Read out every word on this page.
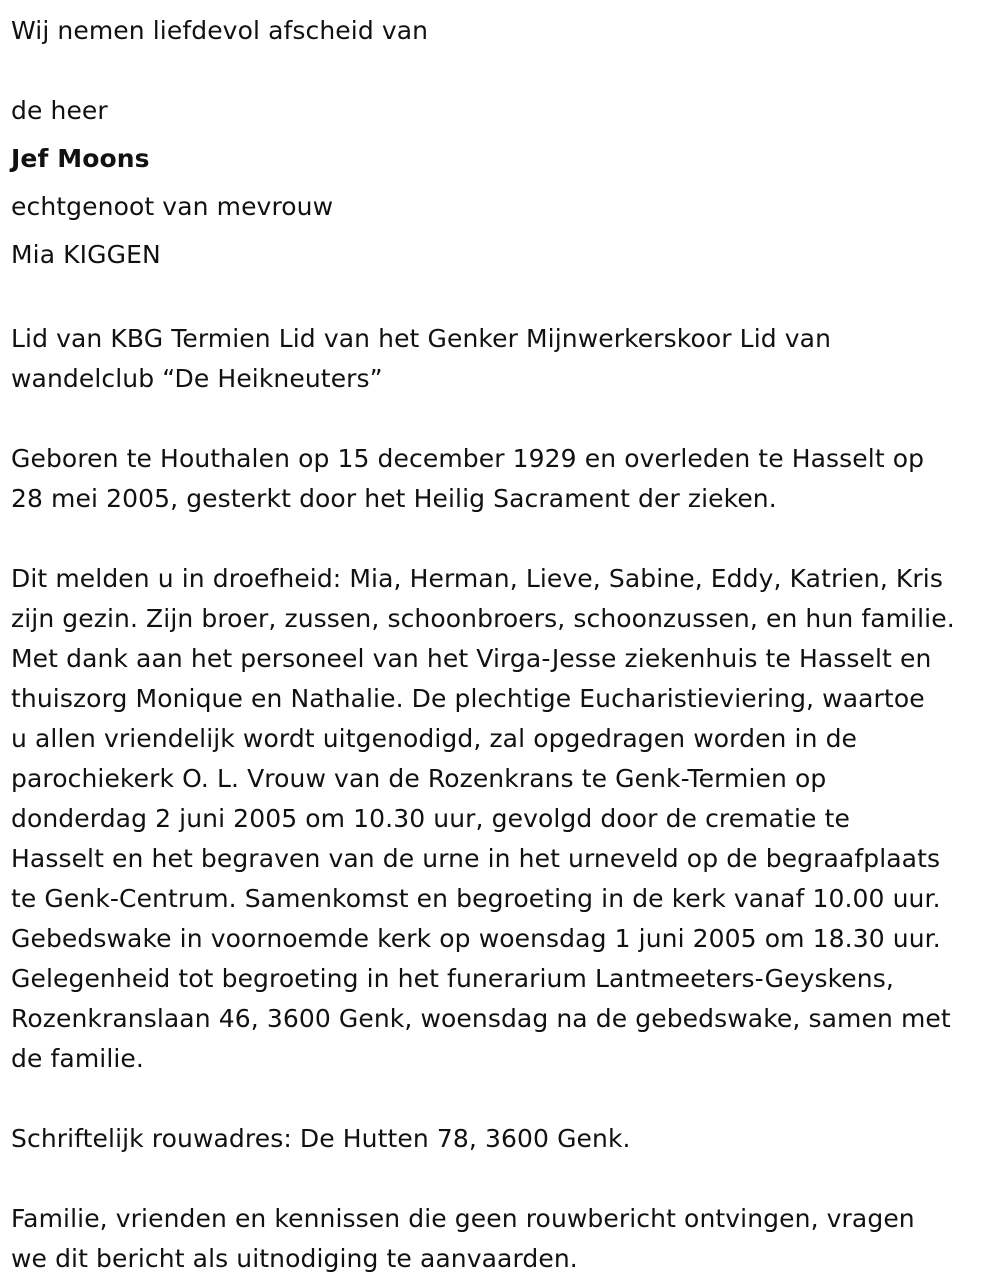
Wij nemen liefdevol afscheid van

de heer

Jef Moons

echtgenoot van mevrouw

Mia KIGGEN

Lid van KBG Termien Lid van het Genker Mijnwerkerskoor Lid van

wandelclub “De Heikneuters”

Geboren te Houthalen op 15 december 1929 en overleden te Hasselt op

28 mei 2005, gesterkt door het Heilig Sacrament der zieken.

Dit melden u in droefheid: Mia, Herman, Lieve, Sabine, Eddy, Katrien, Kris

zijn gezin. Zijn broer, zussen, schoonbroers, schoonzussen, en hun familie.

Met dank aan het personeel van het Virga-Jesse ziekenhuis te Hasselt en

thuiszorg Monique en Nathalie. De plechtige Eucharistieviering, waartoe

u allen vriendelijk wordt uitgenodigd, zal opgedragen worden in de

parochiekerk O. L. Vrouw van de Rozenkrans te Genk-Termien op

donderdag 2 juni 2005 om 10.30 uur, gevolgd door de crematie te

Hasselt en het begraven van de urne in het urneveld op de begraafplaats

te Genk-Centrum. Samenkomst en begroeting in de kerk vanaf 10.00 uur.

Gebedswake in voornoemde kerk op woensdag 1 juni 2005 om 18.30 uur.

Gelegenheid tot begroeting in het funerarium Lantmeeters-Geyskens,

Rozenkranslaan 46, 3600 Genk, woensdag na de gebedswake, samen met

de familie.

Schriftelijk rouwadres: De Hutten 78, 3600 Genk.

Familie, vrienden en kennissen die geen rouwbericht ontvingen, vragen

we dit bericht als uitnodiging te aanvaarden.
